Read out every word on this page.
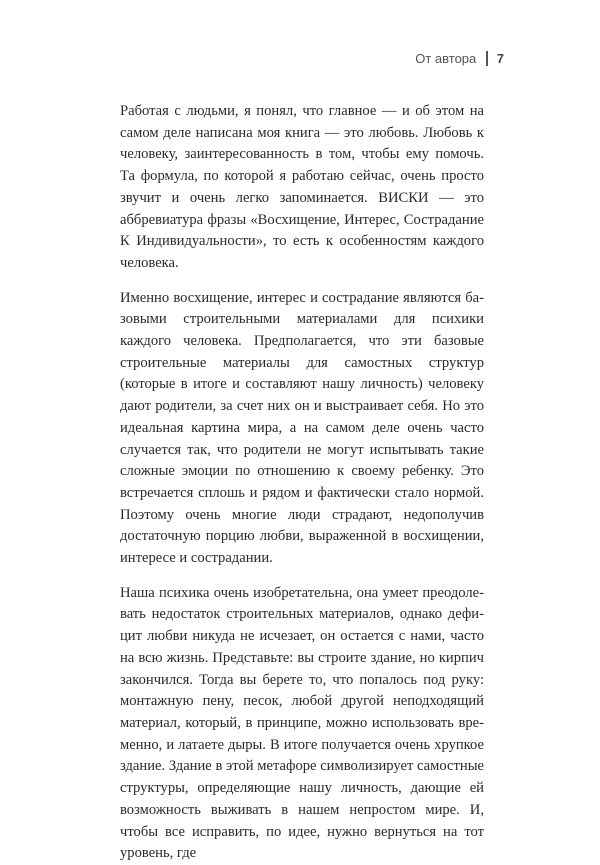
От автора 7

Работая с людьми, я понял, что главное — и об этом на самом деле написана моя книга — это любовь. Любовь к человеку, заинтересованность в том, чтобы ему помочь. Та формула, по которой я работаю сейчас, очень просто звучит и очень легко запоминается. ВИСКИ — это аббревиатура фразы «Восхищение, Интерес, Сострадание К Индивидуальности», то есть к особенностям каждого человека.

Именно восхищение, интерес и сострадание являются базовыми строительными материалами для психики каждого человека. Предполагается, что эти базовые строительные материалы для самостных структур (которые в итоге и составляют нашу личность) человеку дают родители, за счет них он и выстраивает себя. Но это идеальная картина мира, а на самом деле очень часто случается так, что родители не могут испытывать такие сложные эмоции по отношению к своему ребенку. Это встречается сплошь и рядом и фактически стало нормой. Поэтому очень многие люди страдают, недополучив достаточную порцию любви, выраженной в восхищении, интересе и сострадании.

Наша психика очень изобретательна, она умеет преодолевать недостаток строительных материалов, однако дефицит любви никуда не исчезает, он остается с нами, часто на всю жизнь. Представьте: вы строите здание, но кирпич закончился. Тогда вы берете то, что попалось под руку: монтажную пену, песок, любой другой неподходящий материал, который, в принципе, можно использовать временно, и латаете дыры. В итоге получается очень хрупкое здание. Здание в этой метафоре символизирует самостные структуры, определяющие нашу личность, дающие ей возможность выживать в нашем непростом мире. И, чтобы все исправить, по идее, нужно вернуться на тот уровень, где
